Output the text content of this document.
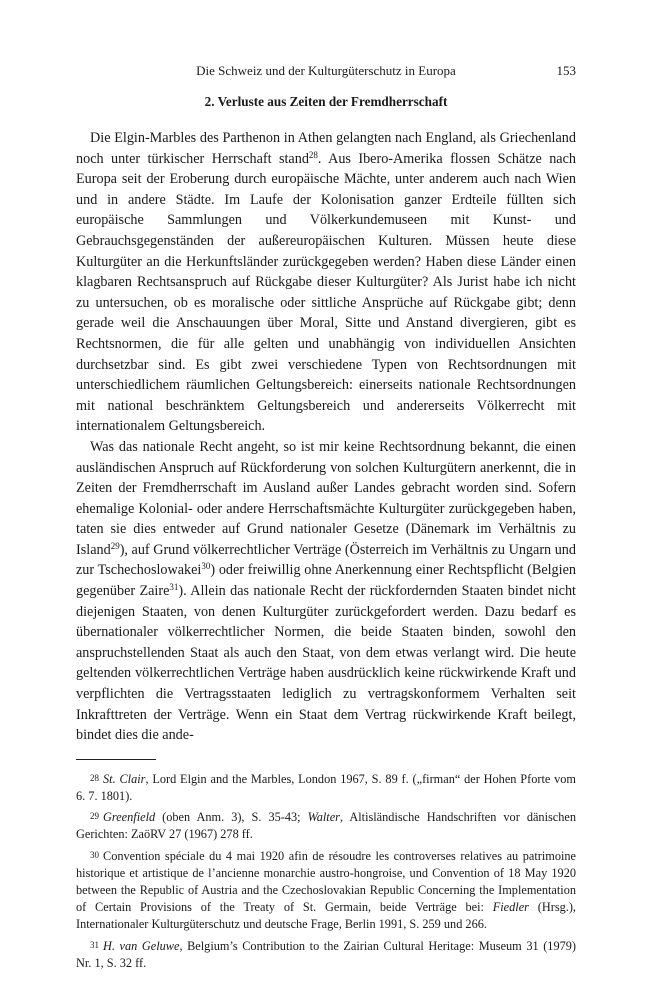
Die Schweiz und der Kulturgüterschutz in Europa	153
2. Verluste aus Zeiten der Fremdherrschaft

Die Elgin-Marbles des Parthenon in Athen gelangten nach England, als Griechenland noch unter türkischer Herrschaft stand$^{28}$. Aus Ibero-Amerika flossen Schätze nach Europa seit der Eroberung durch europäische Mächte, unter anderem auch nach Wien und in andere Städte. Im Laufe der Kolonisation ganzer Erdteile füllten sich europäische Sammlungen und Völkerkundemuseen mit Kunst- und Gebrauchsgegenständen der außereuropäischen Kulturen. Müssen heute diese Kulturgüter an die Herkunftsländer zurückgegeben werden? Haben diese Länder einen klagbaren Rechtsanspruch auf Rückgabe dieser Kulturgüter? Als Jurist habe ich nicht zu untersuchen, ob es moralische oder sittliche Ansprüche auf Rückgabe gibt; denn gerade weil die Anschauungen über Moral, Sitte und Anstand divergieren, gibt es Rechtsnormen, die für alle gelten und unabhängig von individuellen Ansichten durchsetzbar sind. Es gibt zwei verschiedene Typen von Rechtsordnungen mit unterschiedlichem räumlichen Geltungsbereich: einerseits nationale Rechtsordnungen mit national beschränktem Geltungsbereich und andererseits Völkerrecht mit internationalem Geltungsbereich.

Was das nationale Recht angeht, so ist mir keine Rechtsordnung bekannt, die einen ausländischen Anspruch auf Rückforderung von solchen Kulturgütern anerkennt, die in Zeiten der Fremdherrschaft im Ausland außer Landes gebracht worden sind. Sofern ehemalige Kolonial- oder andere Herrschaftsmächte Kulturgüter zurückgegeben haben, taten sie dies entweder auf Grund nationaler Gesetze (Dänemark im Verhältnis zu Island$^{29}$), auf Grund völkerrechtlicher Verträge (Österreich im Verhältnis zu Ungarn und zur Tschechoslowakei$^{30}$) oder freiwillig ohne Anerkennung einer Rechtspflicht (Belgien gegenüber Zaire$^{31}$). Allein das nationale Recht der rückfordernden Staaten bindet nicht diejenigen Staaten, von denen Kulturgüter zurückgefordert werden. Dazu bedarf es übernationaler völkerrechtlicher Normen, die beide Staaten binden, sowohl den anspruchstellenden Staat als auch den Staat, von dem etwas verlangt wird. Die heute geltenden völkerrechtlichen Verträge haben ausdrücklich keine rückwirkende Kraft und verpflichten die Vertragsstaaten lediglich zu vertragskonformem Verhalten seit Inkrafttreten der Verträge. Wenn ein Staat dem Vertrag rückwirkende Kraft beilegt, bindet dies die ande-

28 St. Clair, Lord Elgin and the Marbles, London 1967, S. 89 f. („firman“ der Hohen Pforte vom 6. 7. 1801).

29 Greenfield (oben Anm. 3), S. 35-43; Walter, Altisländische Handschriften vor dänischen Gerichten: ZaöRV 27 (1967) 278 ff.

30 Convention spéciale du 4 mai 1920 afin de résoudre les controverses relatives au patrimoine historique et artistique de l’ancienne monarchie austro-hongroise, und Convention of 18 May 1920 between the Republic of Austria and the Czechoslovakian Republic Concerning the Implementation of Certain Provisions of the Treaty of St. Germain, beide Verträge bei: Fiedler (Hrsg.), Internationaler Kulturgüterschutz und deutsche Frage, Berlin 1991, S. 259 und 266.

31 H. van Geluwe, Belgium’s Contribution to the Zairian Cultural Heritage: Museum 31 (1979) Nr. 1, S. 32 ff.
